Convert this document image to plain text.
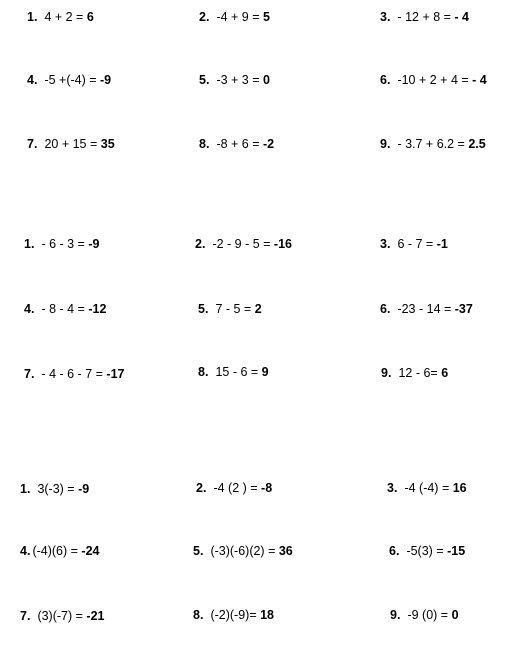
1. 4 + 2 = 6	2. -4 + 9 = 5	3. - 12 + 8 = - 4
4. -5 +(-4) = -9	5. -3 + 3 = 0	6. -10 + 2 + 4 = - 4
7. 20 + 15 = 35	8. -8 + 6 = -2	9. - 3.7 + 6.2 = 2.5
1. - 6 - 3 = -9	2. -2 - 9 - 5 = -16	3. 6 - 7 = -1
4. - 8 - 4 = -12	5. 7 - 5 = 2	6. -23 - 14 = -37
7. - 4 - 6 - 7 = -17	8. 15 - 6 = 9	9. 12 - 6= 6
1. 3(-3) = -9	2. -4 (2 ) = -8	3. -4 (-4) = 16
4. (-4)(6) = -24	5. (-3)(-6)(2) = 36	6. -5(3) = -15
7. (3)(-7) = -21	8. (-2)(-9)= 18	9. -9 (0) = 0
